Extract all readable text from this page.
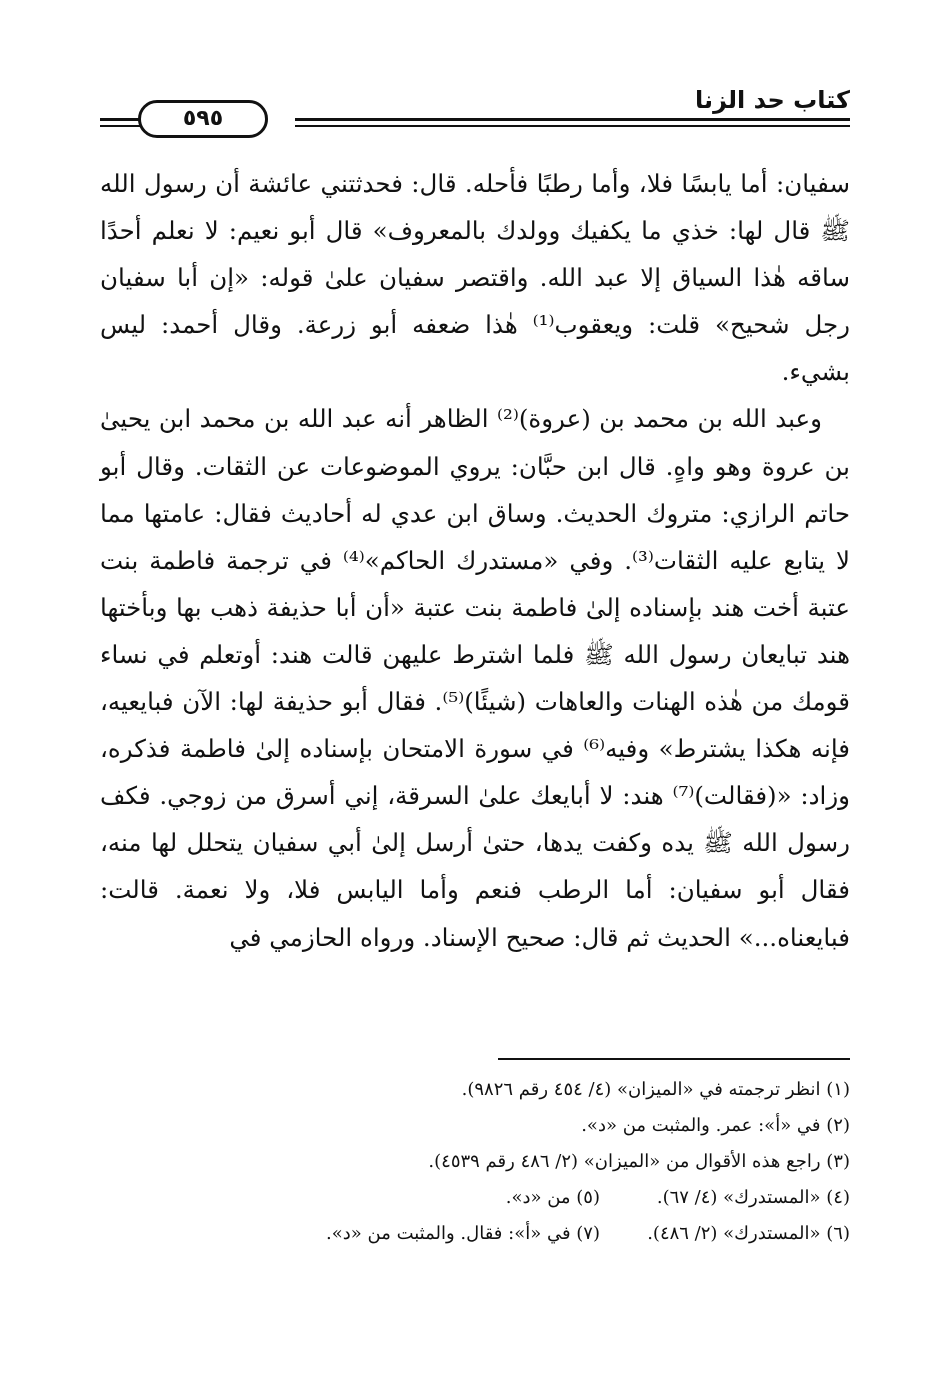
كتاب حد الزنا
٥٩٥

سفيان: أما يابسًا فلا، وأما رطبًا فأحله. قال: فحدثتني عائشة أن رسول الله ﷺ قال لها: خذي ما يكفيك وولدك بالمعروف» قال أبو نعيم: لا نعلم أحدًا ساقه هٰذا السياق إلا عبد الله. واقتصر سفيان علىٰ قوله: «إن أبا سفيان رجل شحيح» قلت: ويعقوب⁽¹⁾ هٰذا ضعفه أبو زرعة. وقال أحمد: ليس بشيء.

وعبد الله بن محمد بن (عروة)⁽²⁾ الظاهر أنه عبد الله بن محمد ابن يحيىٰ بن عروة وهو واهٍ. قال ابن حبَّان: يروي الموضوعات عن الثقات. وقال أبو حاتم الرازي: متروك الحديث. وساق ابن عدي له أحاديث فقال: عامتها مما لا يتابع عليه الثقات⁽³⁾. وفي «مستدرك الحاكم»⁽⁴⁾ في ترجمة فاطمة بنت عتبة أخت هند بإسناده إلىٰ فاطمة بنت عتبة «أن أبا حذيفة ذهب بها وبأختها هند تبايعان رسول الله ﷺ فلما اشترط عليهن قالت هند: أوتعلم في نساء قومك من هٰذه الهنات والعاهات (شيئًا)⁽⁵⁾. فقال أبو حذيفة لها: الآن فبايعيه، فإنه هكذا يشترط» وفيه⁽⁶⁾ في سورة الامتحان بإسناده إلىٰ فاطمة فذكره، وزاد: «(فقالت)⁽⁷⁾ هند: لا أبايعك علىٰ السرقة، إني أسرق من زوجي. فكف رسول الله ﷺ يده وكفت يدها، حتىٰ أرسل إلىٰ أبي سفيان يتحلل لها منه، فقال أبو سفيان: أما الرطب فنعم وأما اليابس فلا، ولا نعمة. قالت: فبايعناه...» الحديث ثم قال: صحيح الإسناد. ورواه الحازمي في

(١) انظر ترجمته في «الميزان» (٤/ ٤٥٤ رقم ٩٨٢٦).

(٢) في «أ»: عمر. والمثبت من «د».

(٣) راجع هذه الأقوال من «الميزان» (٢/ ٤٨٦ رقم ٤٥٣٩).

(٤) «المستدرك» (٤/ ٦٧).
(٥) من «د».
(٦) «المستدرك» (٢/ ٤٨٦).
(٧) في «أ»: فقال. والمثبت من «د».
